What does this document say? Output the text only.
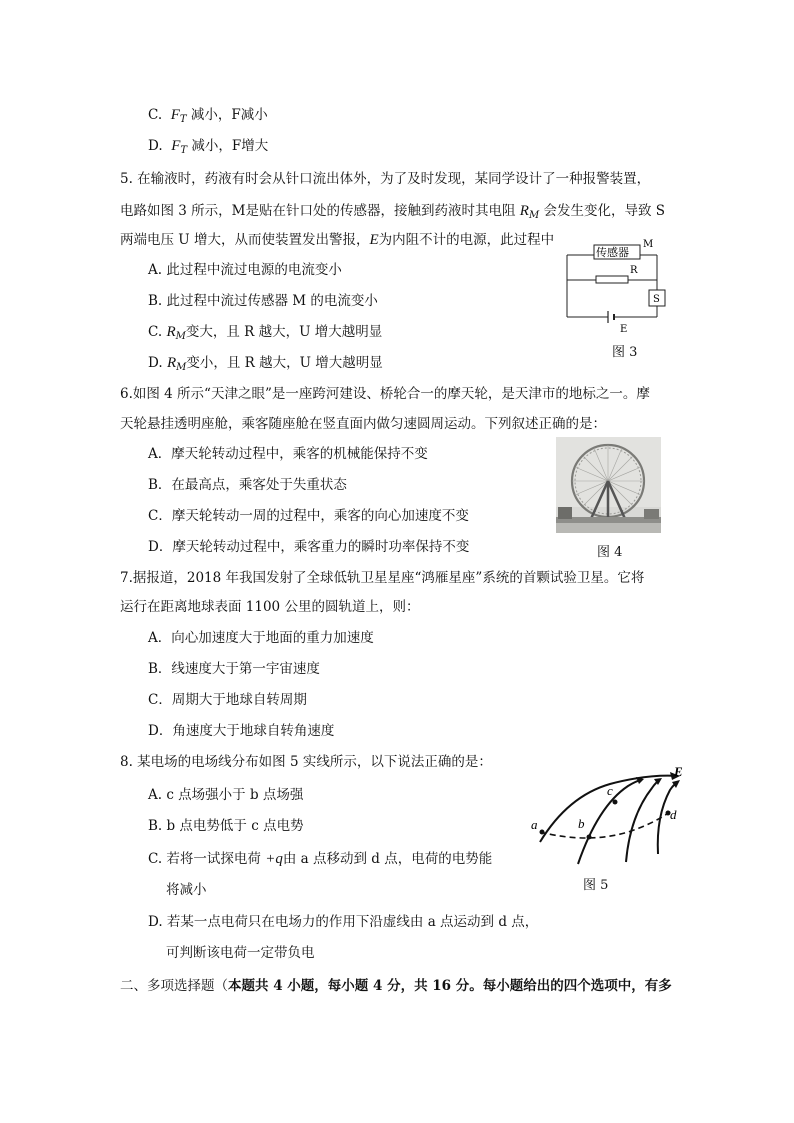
C. $F_T$ 减小，F减小
D. $F_T$ 减小，F增大
5. 在输液时，药液有时会从针口流出体外，为了及时发现，某同学设计了一种报警装置，
电路如图 3 所示，M是贴在针口处的传感器，接触到药液时其电阻 $R_M$ 会发生变化，导致 S
两端电压 U 增大，从而使装置发出警报，E为内阻不计的电源，此过程中
A. 此过程中流过电源的电流变小
B. 此过程中流过传感器 M 的电流变小
C. $R_M$变大，且 R 越大，U 增大越明显
D. $R_M$变小，且 R 越大，U 增大越明显
传感器
M
R
S
E
图 3
6.如图 4 所示“天津之眼”是一座跨河建设、桥轮合一的摩天轮，是天津市的地标之一。摩
天轮悬挂透明座舱，乘客随座舱在竖直面内做匀速圆周运动。下列叙述正确的是：
A．摩天轮转动过程中，乘客的机械能保持不变
B．在最高点，乘客处于失重状态
C．摩天轮转动一周的过程中，乘客的向心加速度不变
D．摩天轮转动过程中，乘客重力的瞬时功率保持不变	图 4
7.据报道，2018 年我国发射了全球低轨卫星星座“鸿雁星座”系统的首颗试验卫星。它将
运行在距离地球表面 1100 公里的圆轨道上，则：
A．向心加速度大于地面的重力加速度
B．线速度大于第一宇宙速度
C．周期大于地球自转周期
D．角速度大于地球自转角速度
8. 某电场的电场线分布如图 5 实线所示，以下说法正确的是：
A. c 点场强小于 b 点场强
B. b 点电势低于 c 点电势
C. 若将一试探电荷 +q由 a 点移动到 d 点，电荷的电势能
将减小
D. 若某一点电荷只在电场力的作用下沿虚线由 a 点运动到 d 点，
可判断该电荷一定带负电
a	b
c
d
E
图 5
二、多项选择题（本题共 4 小题，每小题 4 分，共 16 分。每小题给出的四个选项中，有多
